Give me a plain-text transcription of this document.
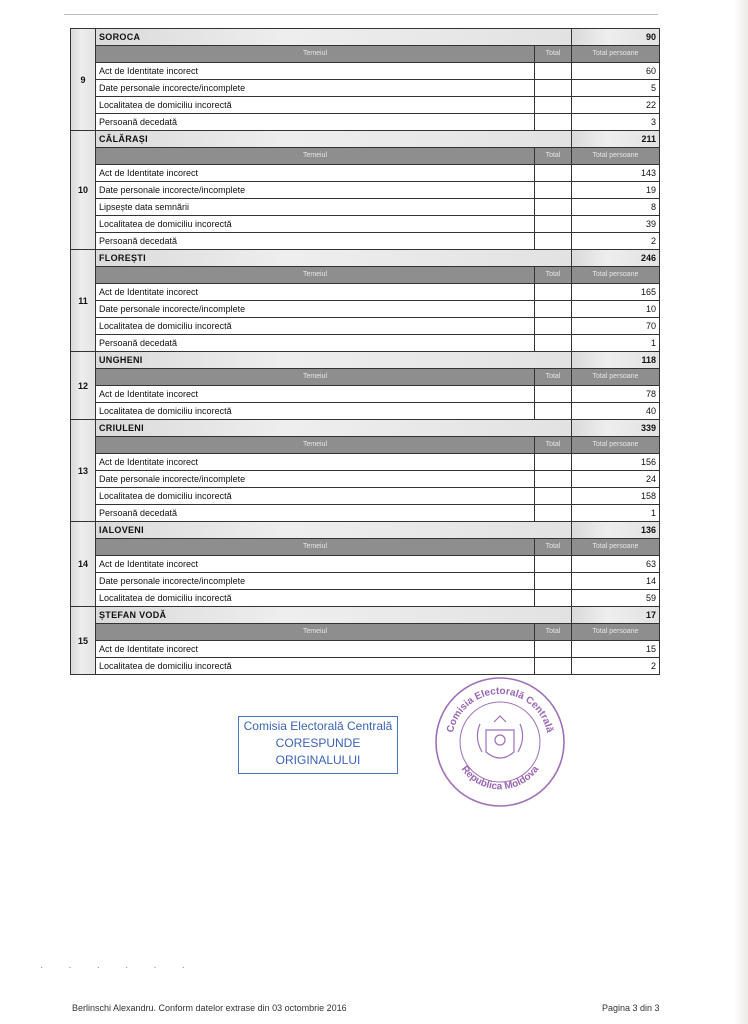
9	SOROCA		90
	Temeiul	Total	Total persoane
	Act de Identitate incorect		60
	Date personale incorecte/incomplete		5
	Localitatea de domiciliu incorectă		22
	Persoană decedată		3
10	CĂLĂRAȘI		211
	Temeiul	Total	Total persoane
	Act de Identitate incorect		143
	Date personale incorecte/incomplete		19
	Lipsește data semnării		8
	Localitatea de domiciliu incorectă		39
	Persoană decedată		2
11	FLOREȘTI		246
	Temeiul	Total	Total persoane
	Act de Identitate incorect		165
	Date personale incorecte/incomplete		10
	Localitatea de domiciliu incorectă		70
	Persoană decedată		1
12	UNGHENI		118
	Temeiul	Total	Total persoane
	Act de Identitate incorect		78
	Localitatea de domiciliu incorectă		40
13	CRIULENI		339
	Temeiul	Total	Total persoane
	Act de Identitate incorect		156
	Date personale incorecte/incomplete		24
	Localitatea de domiciliu incorectă		158
	Persoană decedată		1
14	IALOVENI		136
	Temeiul	Total	Total persoane
	Act de Identitate incorect		63
	Date personale incorecte/incomplete		14
	Localitatea de domiciliu incorectă		59
15	ȘTEFAN VODĂ		17
	Temeiul	Total	Total persoane
	Act de Identitate incorect		15
	Localitatea de domiciliu incorectă		2
Comisia Electorală Centrală
CORESPUNDE
ORIGINALULUI
Comisia Electorală Centrală
Republica Moldova
·         ·         ·         ·         ·         ·
Berlinschi Alexandru. Conform datelor extrase din 03 octombrie 2016	Pagina 3 din 3
